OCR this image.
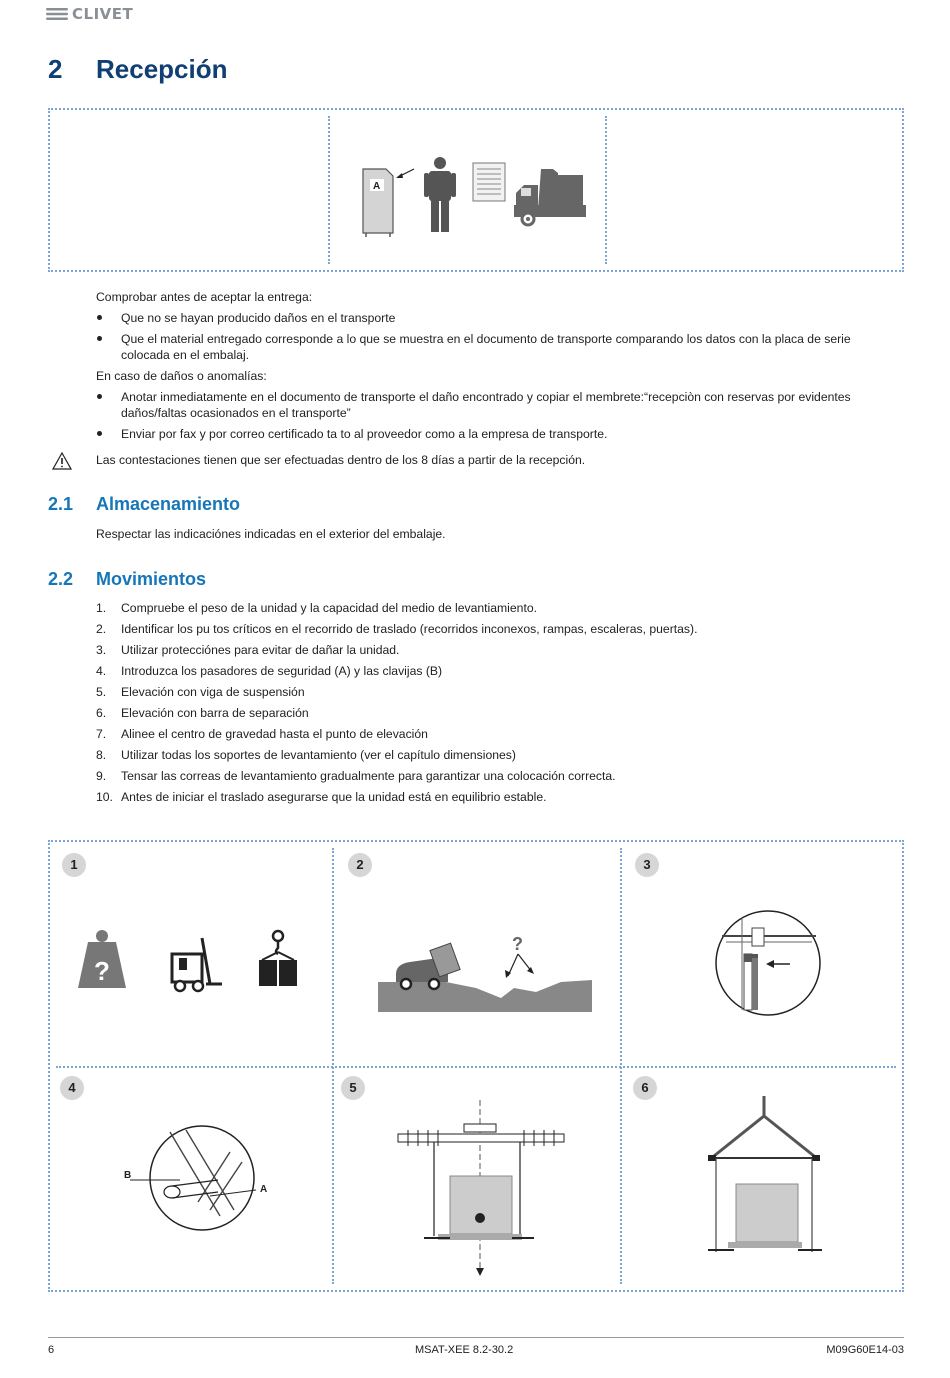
CLIVET
2 Recepción
A
Comprobar antes de aceptar la entrega:
Que no se hayan producido daños en el transporte
Que el material entregado corresponde a lo que se muestra en el documento de transporte comparando los datos con la placa de serie
colocada en el embalaj.
En caso de daños o anomalías:
Anotar inmediatamente en el documento de transporte el daño encontrado y copiar el membrete:“recepciòn con reservas por evidentes
daños/faltas ocasionados en el transporte”
Enviar por fax y por correo certificado ta to al proveedor como a la empresa de transporte.
Las contestaciones tienen que ser efectuadas dentro de los 8 días a partir de la recepción.
2.1 Almacenamiento
Respectar las indicaciónes indicadas en el exterior del embalaje.
2.2 Movimientos
1. Compruebe el peso de la unidad y la capacidad del medio de levantiamiento.
2. Identificar los pu tos críticos en el recorrido de traslado (recorridos inconexos, rampas, escaleras, puertas).
3. Utilizar protecciónes para evitar de dañar la unidad.
4. Introduzca los pasadores de seguridad (A) y las clavijas (B)
5. Elevación con viga de suspensión
6. Elevación con barra de separación
7. Alinee el centro de gravedad hasta el punto de elevación
8. Utilizar todas los soportes de levantamiento (ver el capítulo dimensiones)
9. Tensar las correas de levantamiento gradualmente para garantizar una colocación correcta.
10. Antes de iniciar el traslado asegurarse que la unidad está en equilibrio estable.
1	2	3
4	5	6
?
?
B
A
6	MSAT-XEE 8.2-30.2	M09G60E14-03
